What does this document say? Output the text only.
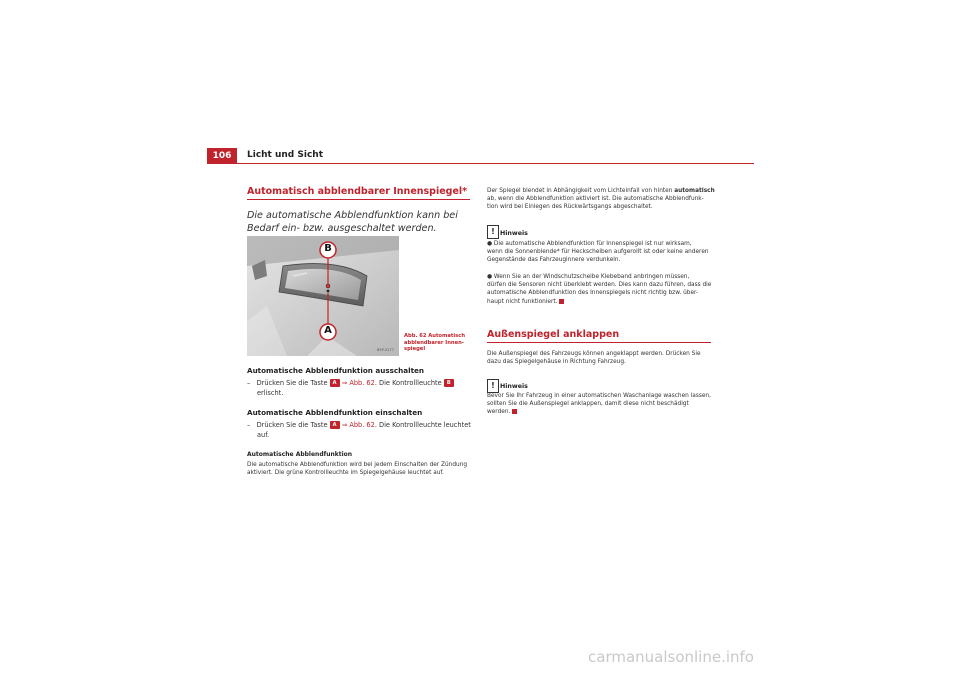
106	Licht und Sicht
Automatisch abblendbarer Innenspiegel*
Die automatische Abblendfunktion kann bei Bedarf ein- bzw. ausgeschaltet werden.
B
A
B5P-0177
Abb. 62 Automatisch
abblendbarer Innen-
spiegel
Automatische Abblendfunktion ausschalten
– Drücken Sie die Taste A ⇒ Abb. 62. Die Kontrollleuchte B
erlischt.
Automatische Abblendfunktion einschalten
– Drücken Sie die Taste A ⇒ Abb. 62. Die Kontrollleuchte leuchtet
auf.
Automatische Abblendfunktion
Die automatische Abblendfunktion wird bei jedem Einschalten der Zündung
aktiviert. Die grüne Kontrollleuchte im Spiegelgehäuse leuchtet auf.
Der Spiegel blendet in Abhängigkeit vom Lichteinfall von hinten automatisch
ab, wenn die Abblendfunktion aktiviert ist. Die automatische Abblendfunk-
tion wird bei Einlegen des Rückwärtsgangs abgeschaltet.
! Hinweis
● Die automatische Abblendfunktion für Innenspiegel ist nur wirksam,
wenn die Sonnenblende* für Heckscheiben aufgerollt ist oder keine anderen
Gegenstände das Fahrzeuginnere verdunkeln.
● Wenn Sie an der Windschutzscheibe Klebeband anbringen müssen,
dürfen die Sensoren nicht überklebt werden. Dies kann dazu führen, dass die
automatische Abblendfunktion des Innenspiegels nicht richtig bzw. über-
haupt nicht funktioniert.
Außenspiegel anklappen
Die Außenspiegel des Fahrzeugs können angeklappt werden. Drücken Sie
dazu das Spiegelgehäuse in Richtung Fahrzeug.
! Hinweis
Bevor Sie Ihr Fahrzeug in einer automatischen Waschanlage waschen lassen,
sollten Sie die Außenspiegel anklappen, damit diese nicht beschädigt
werden.
carmanualsonline.info
